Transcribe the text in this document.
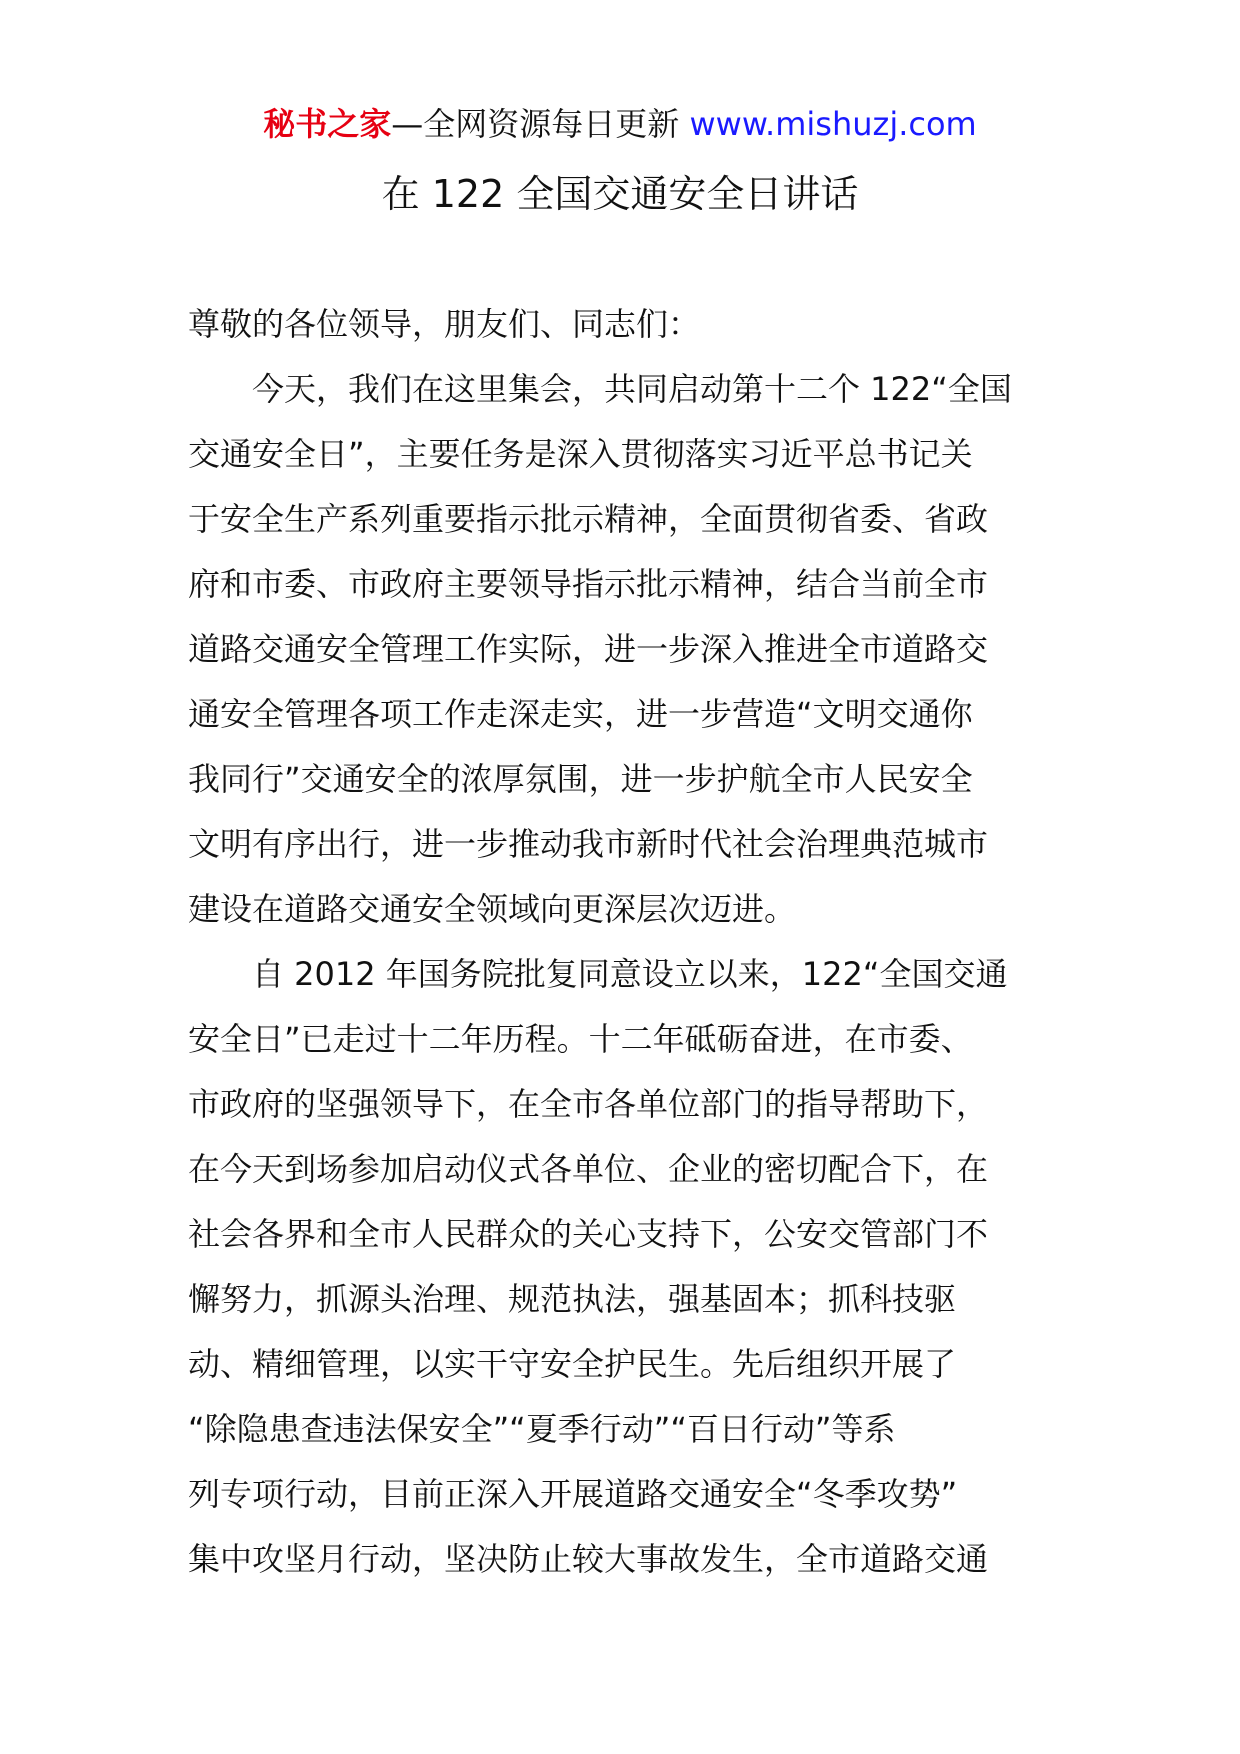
秘书之家—全网资源每日更新 www.mishuzj.com
在 122 全国交通安全日讲话
尊敬的各位领导，朋友们、同志们：
今天，我们在这里集会，共同启动第十二个 122“全国
交通安全日”，主要任务是深入贯彻落实习近平总书记关
于安全生产系列重要指示批示精神，全面贯彻省委、省政
府和市委、市政府主要领导指示批示精神，结合当前全市
道路交通安全管理工作实际，进一步深入推进全市道路交
通安全管理各项工作走深走实，进一步营造“文明交通你
我同行”交通安全的浓厚氛围，进一步护航全市人民安全
文明有序出行，进一步推动我市新时代社会治理典范城市
建设在道路交通安全领域向更深层次迈进。
自 2012 年国务院批复同意设立以来，122“全国交通
安全日”已走过十二年历程。十二年砥砺奋进，在市委、
市政府的坚强领导下，在全市各单位部门的指导帮助下，
在今天到场参加启动仪式各单位、企业的密切配合下，在
社会各界和全市人民群众的关心支持下，公安交管部门不
懈努力，抓源头治理、规范执法，强基固本；抓科技驱
动、精细管理，以实干守安全护民生。先后组织开展了
“除隐患查违法保安全”“夏季行动”“百日行动”等系
列专项行动，目前正深入开展道路交通安全“冬季攻势”
集中攻坚月行动，坚决防止较大事故发生，全市道路交通
